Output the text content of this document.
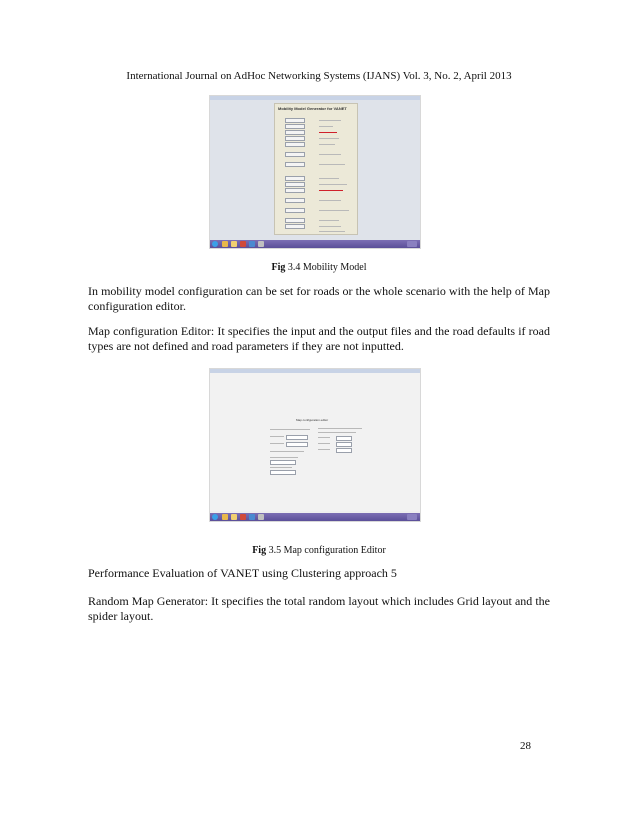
International Journal on AdHoc Networking Systems (IJANS) Vol. 3, No. 2, April 2013
Mobility Model Generator for VANET
Fig 3.4 Mobility Model
In mobility model configuration can be set for roads or the whole scenario with the help of Map configuration editor.
Map configuration Editor: It specifies the input and the output files and the road defaults if road types are not defined and road parameters if they are not inputted.
Map configuration editor
Fig 3.5 Map configuration Editor
Performance Evaluation of VANET using Clustering approach 5
Random Map Generator: It specifies the total random layout which includes Grid layout and the spider layout.
28
